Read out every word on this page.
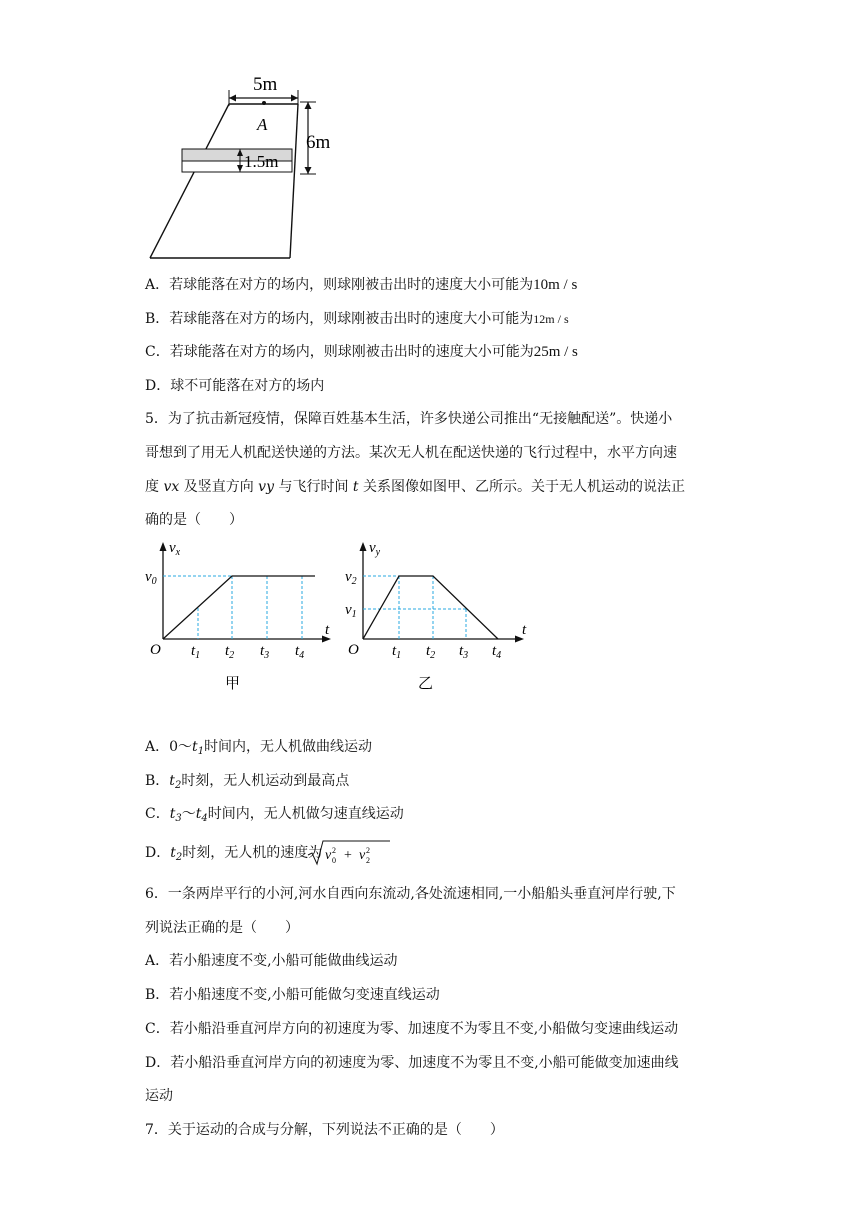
5m
A
1.5m
6m
A．若球能落在对方的场内，则球刚被击出时的速度大小可能为10m / s
B．若球能落在对方的场内，则球刚被击出时的速度大小可能为12m / s
C．若球能落在对方的场内，则球刚被击出时的速度大小可能为25m / s
D．球不可能落在对方的场内
5．为了抗击新冠疫情，保障百姓基本生活，许多快递公司推出“无接触配送”。快递小
哥想到了用无人机配送快递的方法。某次无人机在配送快递的飞行过程中，水平方向速
度 vx 及竖直方向 vy 与飞行时间 t 关系图像如图甲、乙所示。关于无人机运动的说法正
确的是（　　）
$v_x$
t
O
$v_0$
$t_1$ $t_2$ $t_3$ $t_4$
甲
$v_y$
t
O
$v_2$
$v_1$
$t_1$ $t_2$ $t_3$ $t_4$
乙
A．$0\sim t_1$时间内，无人机做曲线运动
B．$t_2$时刻，无人机运动到最高点
C．$t_3\sim t_4$时间内，无人机做匀速直线运动
D．$t_2$时刻，无人机的速度为 v 2
0 + v 2
2
6．一条两岸平行的小河,河水自西向东流动,各处流速相同,一小船船头垂直河岸行驶,下
列说法正确的是（　　）
A．若小船速度不变,小船可能做曲线运动
B．若小船速度不变,小船可能做匀变速直线运动
C．若小船沿垂直河岸方向的初速度为零、加速度不为零且不变,小船做匀变速曲线运动
D．若小船沿垂直河岸方向的初速度为零、加速度不为零且不变,小船可能做变加速曲线
运动
7．关于运动的合成与分解，下列说法不正确的是（　　）
